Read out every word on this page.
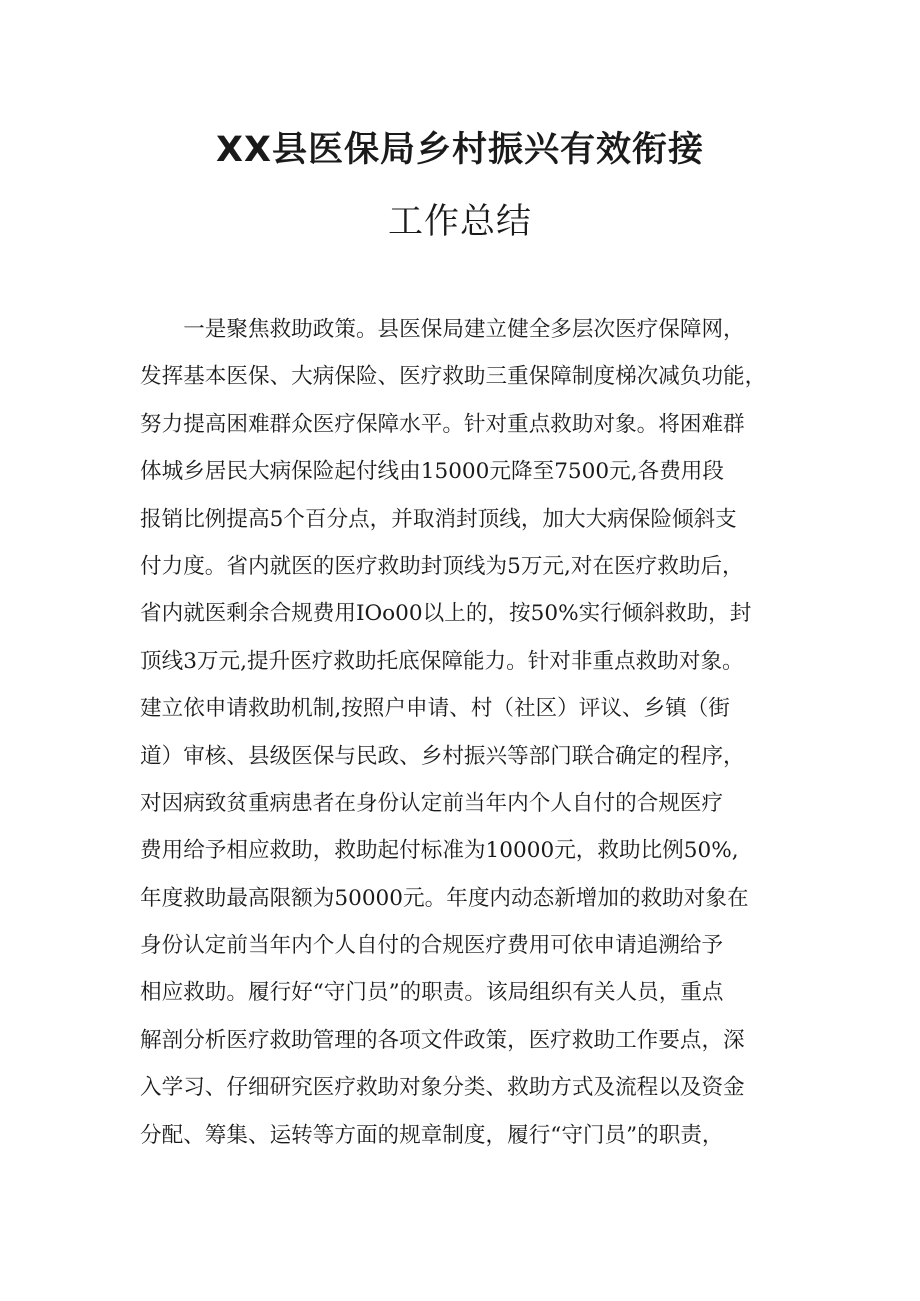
XX县医保局乡村振兴有效衔接
工作总结
　　一是聚焦救助政策。县医保局建立健全多层次医疗保障网，
发挥基本医保、大病保险、医疗救助三重保障制度梯次减负功能，
努力提高困难群众医疗保障水平。针对重点救助对象。将困难群
体城乡居民大病保险起付线由15000元降至7500元,各费用段
报销比例提高5个百分点，并取消封顶线，加大大病保险倾斜支
付力度。省内就医的医疗救助封顶线为5万元,对在医疗救助后，
省内就医剩余合规费用IOo00以上的，按50%实行倾斜救助，封
顶线3万元,提升医疗救助托底保障能力。针对非重点救助对象。
建立依申请救助机制,按照户申请、村（社区）评议、乡镇（街
道）审核、县级医保与民政、乡村振兴等部门联合确定的程序，
对因病致贫重病患者在身份认定前当年内个人自付的合规医疗
费用给予相应救助，救助起付标准为10000元，救助比例50%,
年度救助最高限额为50000元。年度内动态新增加的救助对象在
身份认定前当年内个人自付的合规医疗费用可依申请追溯给予
相应救助。履行好“守门员”的职责。该局组织有关人员，重点
解剖分析医疗救助管理的各项文件政策，医疗救助工作要点，深
入学习、仔细研究医疗救助对象分类、救助方式及流程以及资金
分配、筹集、运转等方面的规章制度，履行“守门员”的职责，
